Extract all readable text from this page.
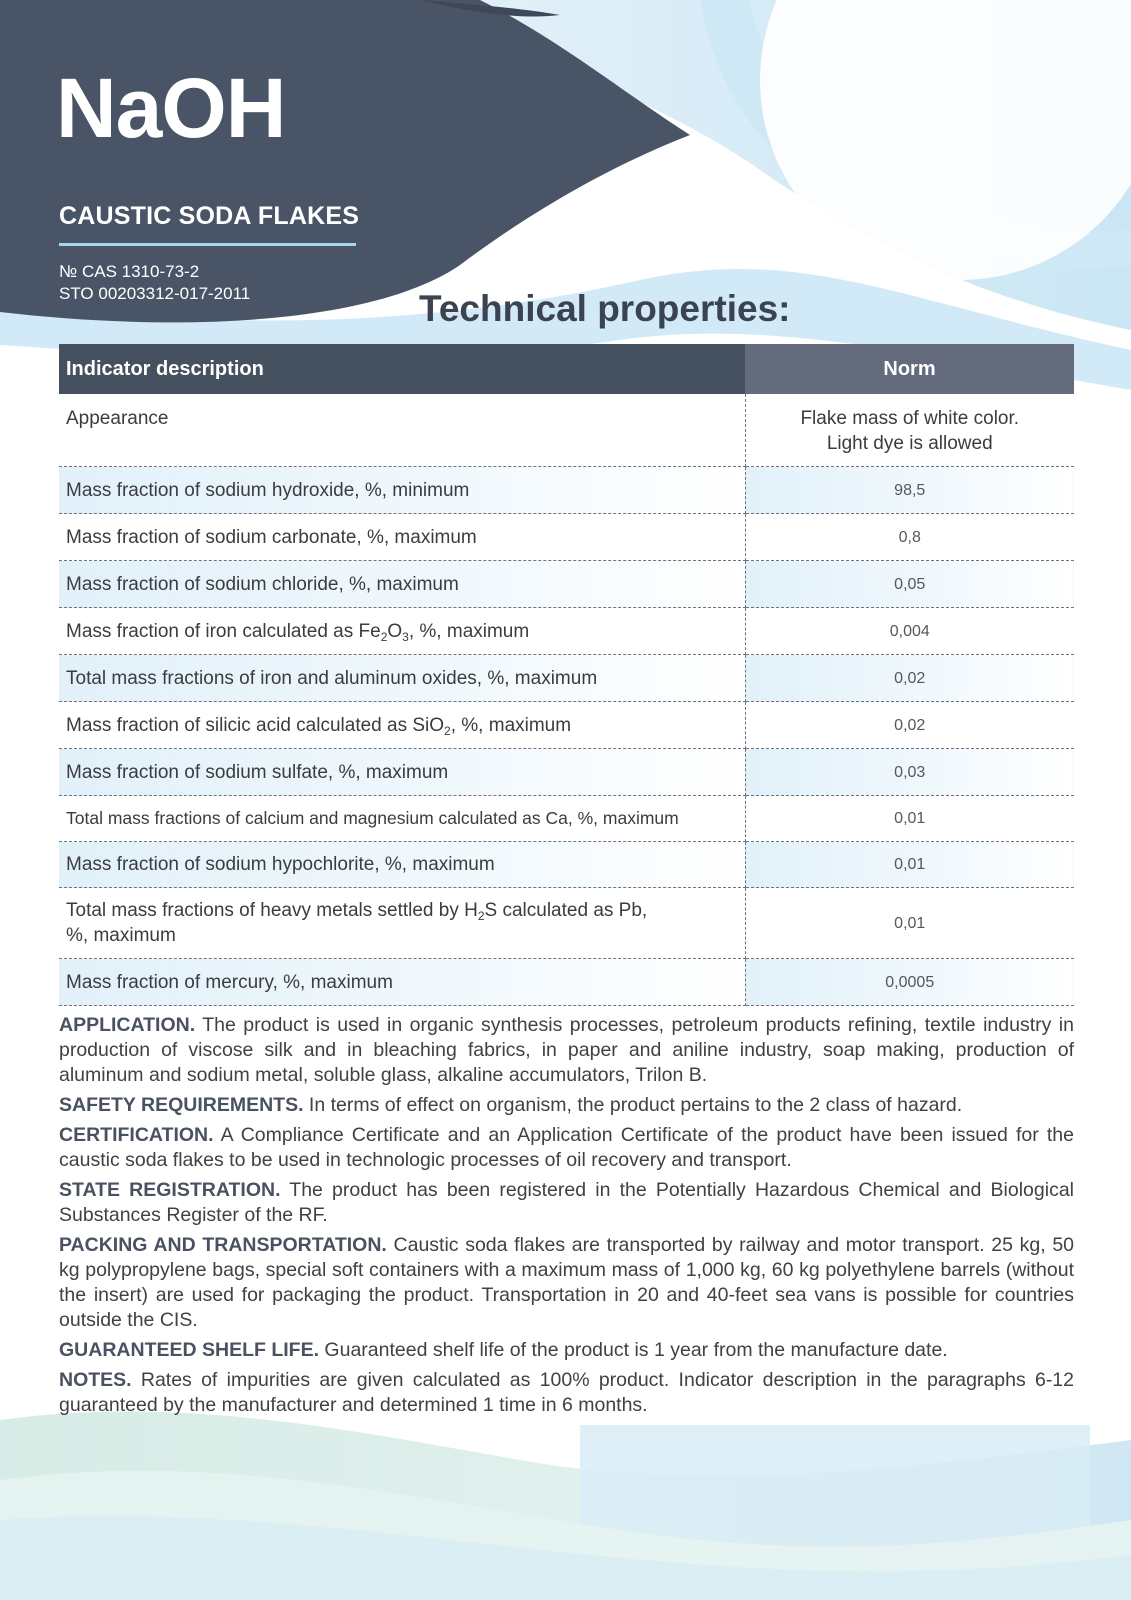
NaOH
CAUSTIC SODA FLAKES
№ CAS 1310-73-2
STO 00203312-017-2011	Technical properties:
Indicator description	Norm
Appearance	Flake mass of white color.
Light dye is allowed
Mass fraction of sodium hydroxide, %, minimum	98,5
Mass fraction of sodium carbonate, %, maximum	0,8
Mass fraction of sodium chloride, %, maximum	0,05
Mass fraction of iron calculated as $Fe_2O_3$, %, maximum	0,004
Total mass fractions of iron and aluminum oxides, %, maximum	0,02
Mass fraction of silicic acid calculated as SiO$_2$, %, maximum	0,02
Mass fraction of sodium sulfate, %, maximum	0,03
Total mass fractions of calcium and magnesium calculated as Ca, %, maximum	0,01
Mass fraction of sodium hypochlorite, %, maximum	0,01
Total mass fractions of heavy metals settled by $H_2S$ calculated as Pb,
%, maximum	0,01
Mass fraction of mercury, %, maximum	0,0005

APPLICATION. The product is used in organic synthesis processes, petroleum products refining, textile industry in production of viscose silk and in bleaching fabrics, in paper and aniline industry, soap making, production of aluminum and sodium metal, soluble glass, alkaline accumulators, Trilon B.

SAFETY REQUIREMENTS. In terms of effect on organism, the product pertains to the 2 class of hazard.

CERTIFICATION. A Compliance Certificate and an Application Certificate of the product have been issued for the caustic soda flakes to be used in technologic processes of oil recovery and transport.

STATE REGISTRATION. The product has been registered in the Potentially Hazardous Chemical and Biological Substances Register of the RF.

PACKING AND TRANSPORTATION. Caustic soda flakes are transported by railway and motor transport. 25 kg, 50 kg polypropylene bags, special soft containers with a maximum mass of 1,000 kg, 60 kg polyethylene barrels (without the insert) are used for packaging the product. Transportation in 20 and 40-feet sea vans is possible for countries outside the CIS.

GUARANTEED SHELF LIFE. Guaranteed shelf life of the product is 1 year from the manufacture date.

NOTES. Rates of impurities are given calculated as 100% product. Indicator description in the paragraphs 6-12 guaranteed by the manufacturer and determined 1 time in 6 months.
